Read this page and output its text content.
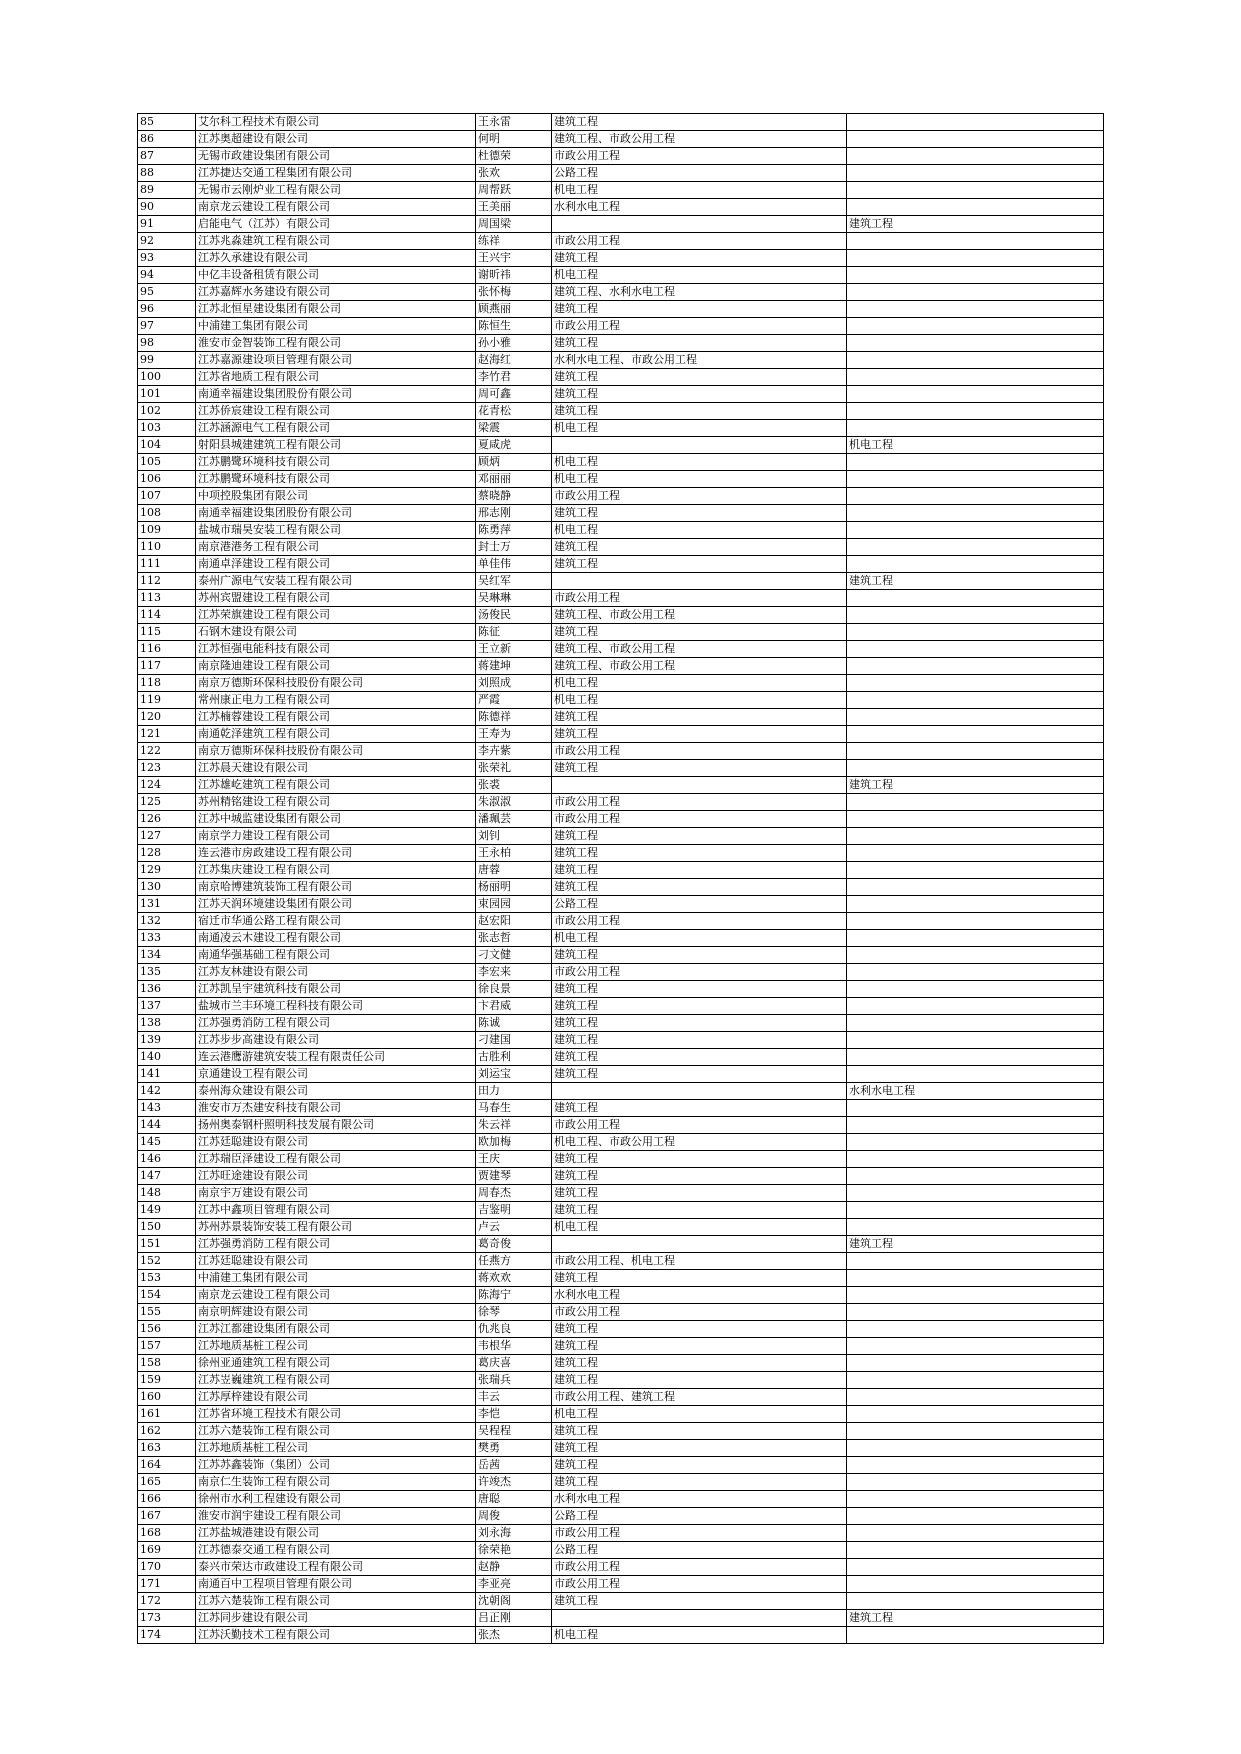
85	艾尔科工程技术有限公司	王永雷	建筑工程	
86	江苏奥超建设有限公司	何明	建筑工程、市政公用工程	
87	无锡市政建设集团有限公司	杜德荣	市政公用工程	
88	江苏捷达交通工程集团有限公司	张欢	公路工程	
89	无锡市云刚炉业工程有限公司	周帮跃	机电工程	
90	南京龙云建设工程有限公司	王美丽	水利水电工程	
91	启能电气（江苏）有限公司	周国梁		建筑工程
92	江苏兆淼建筑工程有限公司	练祥	市政公用工程	
93	江苏久承建设有限公司	王兴宇	建筑工程	
94	中亿丰设备租赁有限公司	谢昕祎	机电工程	
95	江苏嘉辉水务建设有限公司	张怀梅	建筑工程、水利水电工程	
96	江苏北恒星建设集团有限公司	顾燕丽	建筑工程	
97	中浦建工集团有限公司	陈恒生	市政公用工程	
98	淮安市金智装饰工程有限公司	孙小雅	建筑工程	
99	江苏嘉源建设项目管理有限公司	赵海红	水利水电工程、市政公用工程	
100	江苏省地质工程有限公司	李竹君	建筑工程	
101	南通幸福建设集团股份有限公司	周可鑫	建筑工程	
102	江苏侨宸建设工程有限公司	花青松	建筑工程	
103	江苏涵源电气工程有限公司	梁震	机电工程	
104	射阳县城建建筑工程有限公司	夏咸虎		机电工程
105	江苏鹏鹭环境科技有限公司	顾炳	机电工程	
106	江苏鹏鹭环境科技有限公司	邓丽丽	机电工程	
107	中项控股集团有限公司	蔡晓静	市政公用工程	
108	南通幸福建设集团股份有限公司	邢志刚	建筑工程	
109	盐城市瑞昊安装工程有限公司	陈勇萍	机电工程	
110	南京港港务工程有限公司	封士万	建筑工程	
111	南通卓泽建设工程有限公司	单佳伟	建筑工程	
112	泰州广源电气安装工程有限公司	吴红军		建筑工程
113	苏州宾盟建设工程有限公司	吴琳琳	市政公用工程	
114	江苏荣旗建设工程有限公司	汤俊民	建筑工程、市政公用工程	
115	石钢木建设有限公司	陈征	建筑工程	
116	江苏恒强电能科技有限公司	王立新	建筑工程、市政公用工程	
117	南京隆迪建设工程有限公司	蒋建坤	建筑工程、市政公用工程	
118	南京万德斯环保科技股份有限公司	刘照成	机电工程	
119	常州康正电力工程有限公司	严霞	机电工程	
120	江苏楠蓉建设工程有限公司	陈德祥	建筑工程	
121	南通乾泽建筑工程有限公司	王寿为	建筑工程	
122	南京万德斯环保科技股份有限公司	李卉紫	市政公用工程	
123	江苏晨天建设有限公司	张荣礼	建筑工程	
124	江苏雄屹建筑工程有限公司	张裘		建筑工程
125	苏州精铭建设工程有限公司	朱淑淑	市政公用工程	
126	江苏中城监建设集团有限公司	潘珮芸	市政公用工程	
127	南京学力建设工程有限公司	刘钊	建筑工程	
128	连云港市房政建设工程有限公司	王永柏	建筑工程	
129	江苏集庆建设工程有限公司	唐蓉	建筑工程	
130	南京哈博建筑装饰工程有限公司	杨丽明	建筑工程	
131	江苏天润环境建设集团有限公司	束园园	公路工程	
132	宿迁市华通公路工程有限公司	赵宏阳	市政公用工程	
133	南通凌云木建设工程有限公司	张志哲	机电工程	
134	南通华强基础工程有限公司	刁文健	建筑工程	
135	江苏友林建设有限公司	李宏来	市政公用工程	
136	江苏凯呈宇建筑科技有限公司	徐良景	建筑工程	
137	盐城市兰丰环境工程科技有限公司	卞君威	建筑工程	
138	江苏强勇消防工程有限公司	陈诚	建筑工程	
139	江苏步步高建设有限公司	刁建国	建筑工程	
140	连云港鹰游建筑安装工程有限责任公司	古胜利	建筑工程	
141	京通建设工程有限公司	刘运宝	建筑工程	
142	泰州海众建设有限公司	田力		水利水电工程
143	淮安市万杰建安科技有限公司	马春生	建筑工程	
144	扬州奥泰钢杆照明科技发展有限公司	朱云祥	市政公用工程	
145	江苏廷聪建设有限公司	欧加梅	机电工程、市政公用工程	
146	江苏瑞臣泽建设工程有限公司	王庆	建筑工程	
147	江苏旺途建设有限公司	贾建琴	建筑工程	
148	南京宇万建设有限公司	周春杰	建筑工程	
149	江苏中鑫项目管理有限公司	吉鉴明	建筑工程	
150	苏州苏景装饰安装工程有限公司	卢云	机电工程	
151	江苏强勇消防工程有限公司	葛奇俊		建筑工程
152	江苏廷聪建设有限公司	任燕方	市政公用工程、机电工程	
153	中浦建工集团有限公司	蒋欢欢	建筑工程	
154	南京龙云建设工程有限公司	陈海宁	水利水电工程	
155	南京明辉建设有限公司	徐琴	市政公用工程	
156	江苏江都建设集团有限公司	仇兆良	建筑工程	
157	江苏地质基桩工程公司	韦根华	建筑工程	
158	徐州亚通建筑工程有限公司	葛庆喜	建筑工程	
159	江苏岦巍建筑工程有限公司	张瑞兵	建筑工程	
160	江苏厚梓建设有限公司	丰云	市政公用工程、建筑工程	
161	江苏省环境工程技术有限公司	李恺	机电工程	
162	江苏六楚装饰工程有限公司	吴程程	建筑工程	
163	江苏地质基桩工程公司	樊勇	建筑工程	
164	江苏苏鑫装饰（集团）公司	岳茜	建筑工程	
165	南京仁生装饰工程有限公司	许竣杰	建筑工程	
166	徐州市水利工程建设有限公司	唐聪	水利水电工程	
167	淮安市润宇建设工程有限公司	周俊	公路工程	
168	江苏盐城港建设有限公司	刘永海	市政公用工程	
169	江苏德泰交通工程有限公司	徐荣艳	公路工程	
170	泰兴市荣达市政建设工程有限公司	赵静	市政公用工程	
171	南通百中工程项目管理有限公司	李亚亮	市政公用工程	
172	江苏六楚装饰工程有限公司	沈朝阁	建筑工程	
173	江苏同步建设有限公司	吕正刚		建筑工程
174	江苏沃勤技术工程有限公司	张杰	机电工程	
